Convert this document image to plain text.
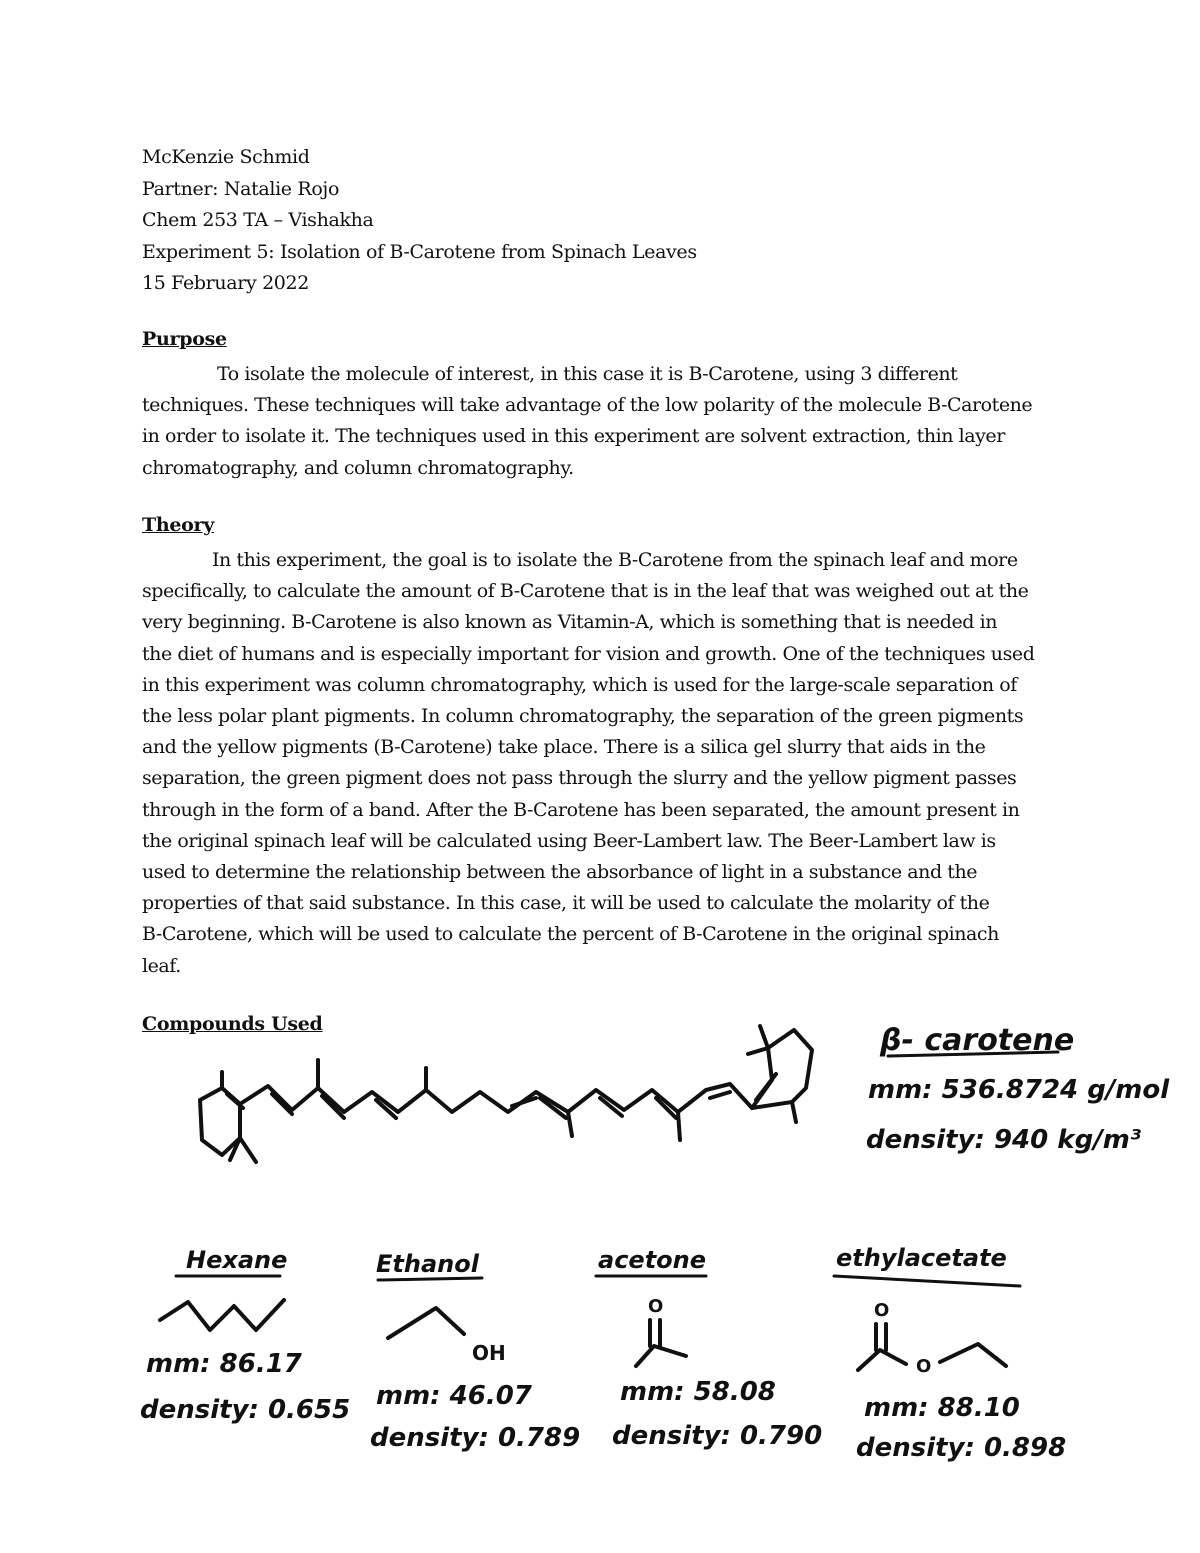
McKenzie Schmid
Partner: Natalie Rojo
Chem 253 TA – Vishakha
Experiment 5: Isolation of B-Carotene from Spinach Leaves
15 February 2022
Purpose
To isolate the molecule of interest, in this case it is B-Carotene, using 3 different
techniques. These techniques will take advantage of the low polarity of the molecule B-Carotene
in order to isolate it. The techniques used in this experiment are solvent extraction, thin layer
chromatography, and column chromatography.
Theory
In this experiment, the goal is to isolate the B-Carotene from the spinach leaf and more
specifically, to calculate the amount of B-Carotene that is in the leaf that was weighed out at the
very beginning. B-Carotene is also known as Vitamin-A, which is something that is needed in
the diet of humans and is especially important for vision and growth. One of the techniques used
in this experiment was column chromatography, which is used for the large-scale separation of
the less polar plant pigments. In column chromatography, the separation of the green pigments
and the yellow pigments (B-Carotene) take place. There is a silica gel slurry that aids in the
separation, the green pigment does not pass through the slurry and the yellow pigment passes
through in the form of a band. After the B-Carotene has been separated, the amount present in
the original spinach leaf will be calculated using Beer-Lambert law. The Beer-Lambert law is
used to determine the relationship between the absorbance of light in a substance and the
properties of that said substance. In this case, it will be used to calculate the molarity of the
B-Carotene, which will be used to calculate the percent of B-Carotene in the original spinach
leaf.
Compounds Used	β- carotene
mm: 536.8724 g/mol
density: 940 kg/m³
Hexane
mm: 86.17
density: 0.655
Ethanol
OH
mm: 46.07
density: 0.789
acetone
O
mm: 58.08
density: 0.790
ethylacetate
O
O
mm: 88.10
density: 0.898
